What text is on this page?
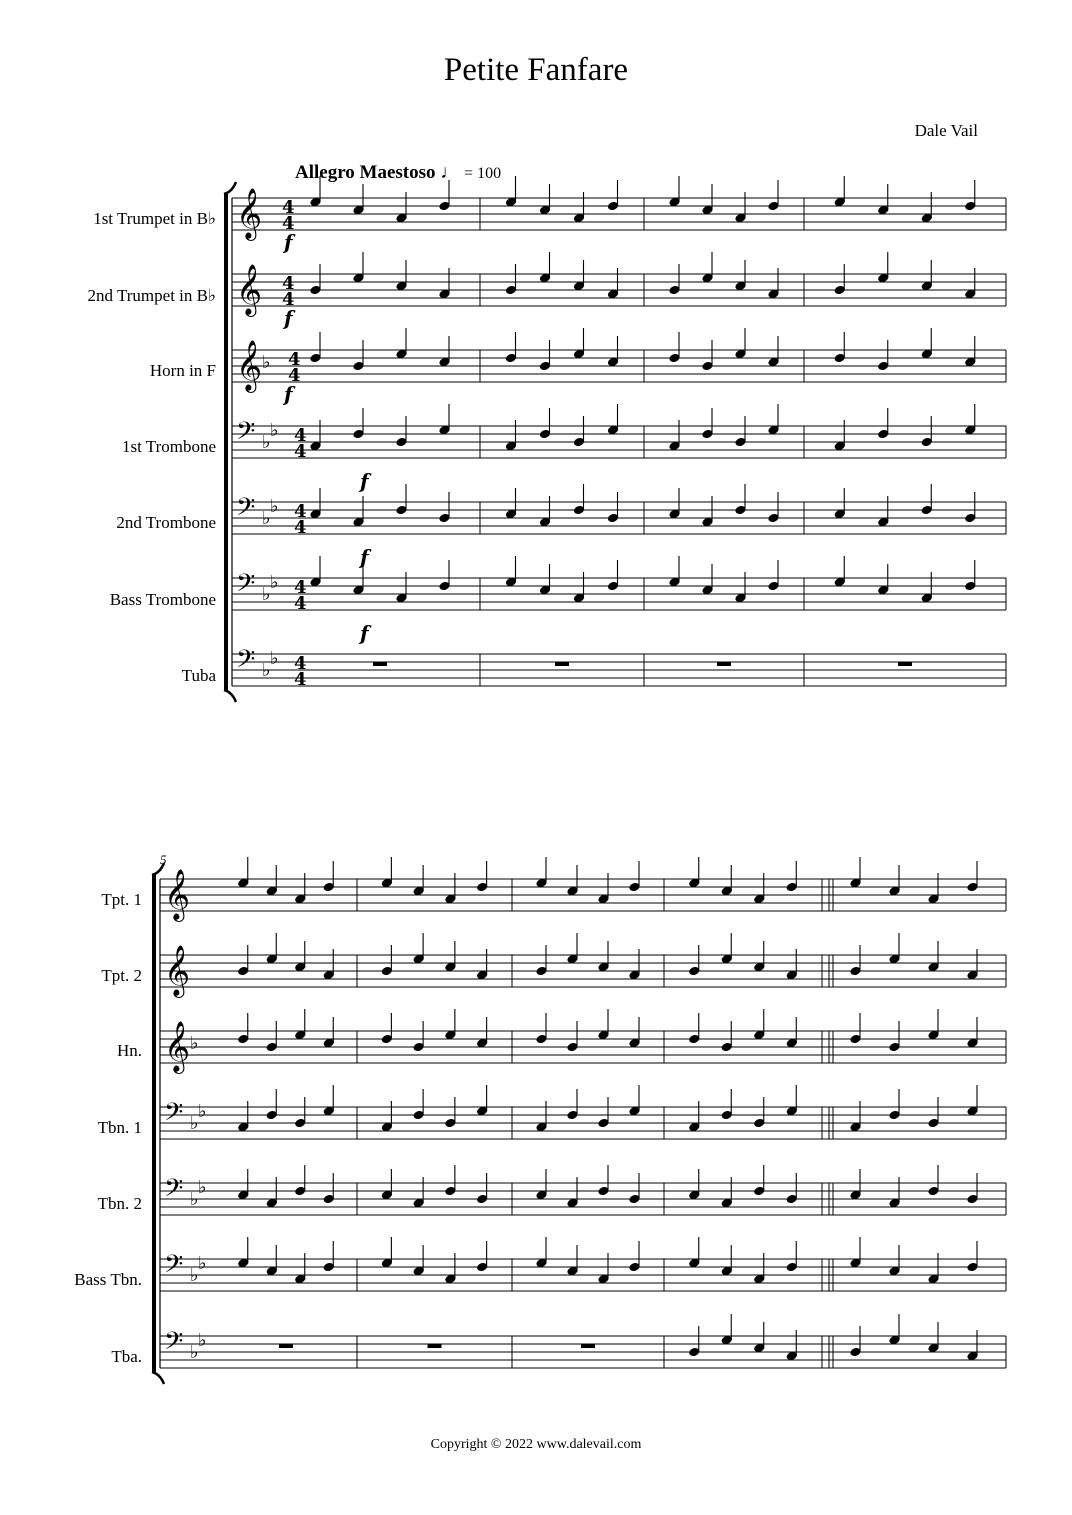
Petite Fanfare
Dale Vail
Allegro Maestoso ♩ = 100
1st Trumpet in B♭
2nd Trumpet in B♭
Horn in F
1st Trombone
2nd Trombone
Bass Trombone
Tuba
Tpt. 1
Tpt. 2
Hn.
Tbn. 1
Tbn. 2
Bass Tbn.
Tba.
5
𝄞 4
4
𝄞 4
4
𝄞 ♭ 4
4
𝄢 ♭
♭ 4
4
𝄢 ♭
♭ 4
4
𝄢 ♭
♭ 4
4
𝄢 ♭
♭ 4
4
𝄞
𝄞
𝄞 ♭
𝄢 ♭
♭
𝄢 ♭
♭
𝄢 ♭
♭
𝄢 ♭
♭
f
f
f
f
f
f
Copyright © 2022 www.dalevail.com
